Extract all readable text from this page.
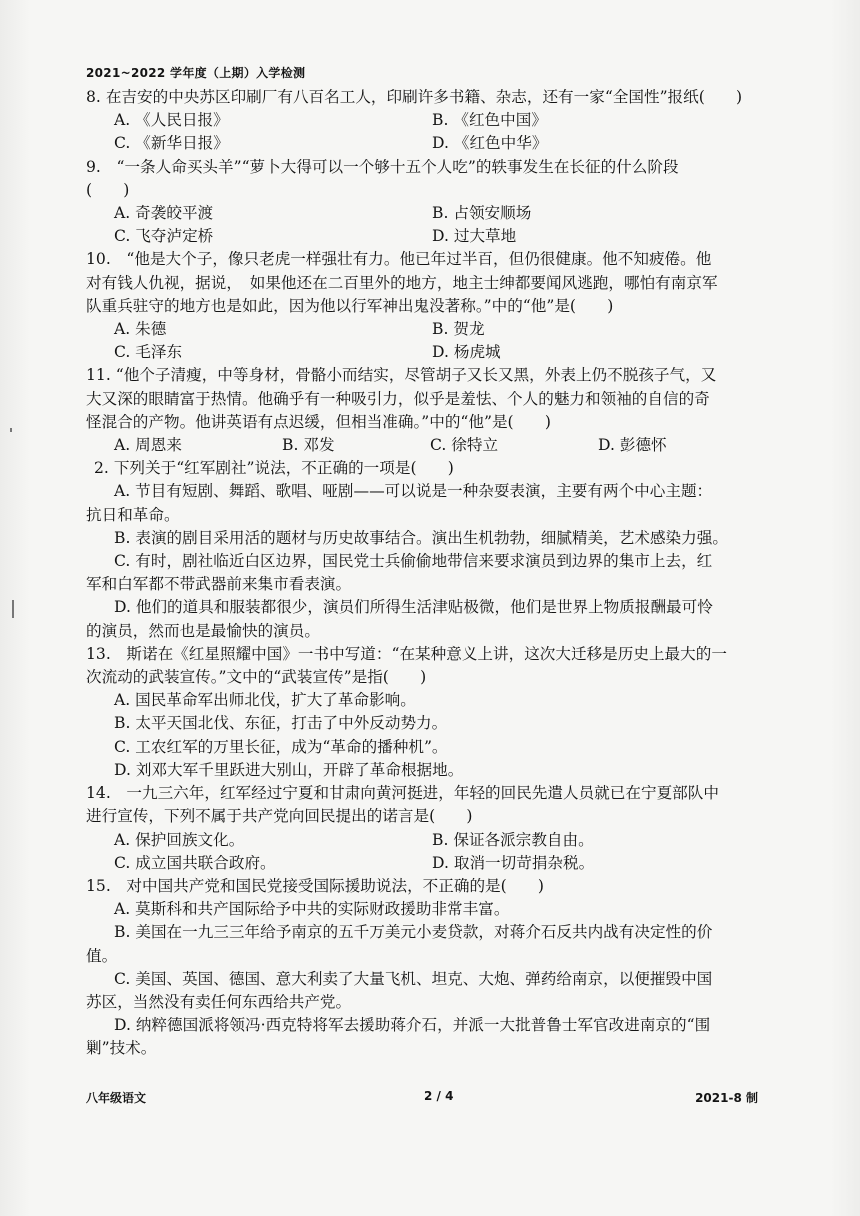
2021~2022 学年度（上期）入学检测
8. 在吉安的中央苏区印刷厂有八百名工人，印刷许多书籍、杂志，还有一家“全国性”报纸(　　)
A. 《人民日报》	B. 《红色中国》
C. 《新华日报》	D. 《红色中华》
9.　“一条人命买头羊”“萝卜大得可以一个够十五个人吃”的轶事发生在长征的什么阶段
(　　)
A. 奇袭皎平渡	B. 占领安顺场
C. 飞夺泸定桥	D. 过大草地
10.　“他是大个子，像只老虎一样强壮有力。他已年过半百，但仍很健康。他不知疲倦。他
对有钱人仇视，据说，　如果他还在二百里外的地方，地主士绅都要闻风逃跑，哪怕有南京军
队重兵驻守的地方也是如此，因为他以行军神出鬼没著称。”中的“他”是(　　)
A. 朱德	B. 贺龙
C. 毛泽东	D. 杨虎城
11. “他个子清瘦，中等身材，骨骼小而结实，尽管胡子又长又黑，外表上仍不脱孩子气，又
大又深的眼睛富于热情。他确乎有一种吸引力，似乎是羞怯、个人的魅力和领袖的自信的奇
怪混合的产物。他讲英语有点迟缓，但相当准确。”中的“他”是(　　)
A. 周恩来	B. 邓发	C. 徐特立	D. 彭德怀
2. 下列关于“红军剧社”说法，不正确的一项是(　　)
A. 节目有短剧、舞蹈、歌唱、哑剧——可以说是一种杂耍表演，主要有两个中心主题：
抗日和革命。
B. 表演的剧目采用活的题材与历史故事结合。演出生机勃勃，细腻精美，艺术感染力强。
C. 有时，剧社临近白区边界，国民党士兵偷偷地带信来要求演员到边界的集市上去，红
军和白军都不带武器前来集市看表演。
D. 他们的道具和服装都很少，演员们所得生活津贴极微，他们是世界上物质报酬最可怜
的演员，然而也是最愉快的演员。
13.　斯诺在《红星照耀中国》一书中写道：“在某种意义上讲，这次大迁移是历史上最大的一
次流动的武装宣传。”文中的“武装宣传”是指(　　)
A. 国民革命军出师北伐，扩大了革命影响。
B. 太平天国北伐、东征，打击了中外反动势力。
C. 工农红军的万里长征，成为“革命的播种机”。
D. 刘邓大军千里跃进大别山，开辟了革命根据地。
14.　一九三六年，红军经过宁夏和甘肃向黄河挺进，年轻的回民先遣人员就已在宁夏部队中
进行宣传，下列不属于共产党向回民提出的诺言是(　　)
A. 保护回族文化。	B. 保证各派宗教自由。
C. 成立国共联合政府。	D. 取消一切苛捐杂税。
15.　对中国共产党和国民党接受国际援助说法，不正确的是(　　)
A. 莫斯科和共产国际给予中共的实际财政援助非常丰富。
B. 美国在一九三三年给予南京的五千万美元小麦贷款，对蒋介石反共内战有决定性的价
值。
C. 美国、英国、德国、意大利卖了大量飞机、坦克、大炮、弹药给南京，以便摧毁中国
苏区，当然没有卖任何东西给共产党。
D. 纳粹德国派将领冯·西克特将军去援助蒋介石，并派一大批普鲁士军官改进南京的“围
剿”技术。
八年级语文	2 / 4	2021-8 制
